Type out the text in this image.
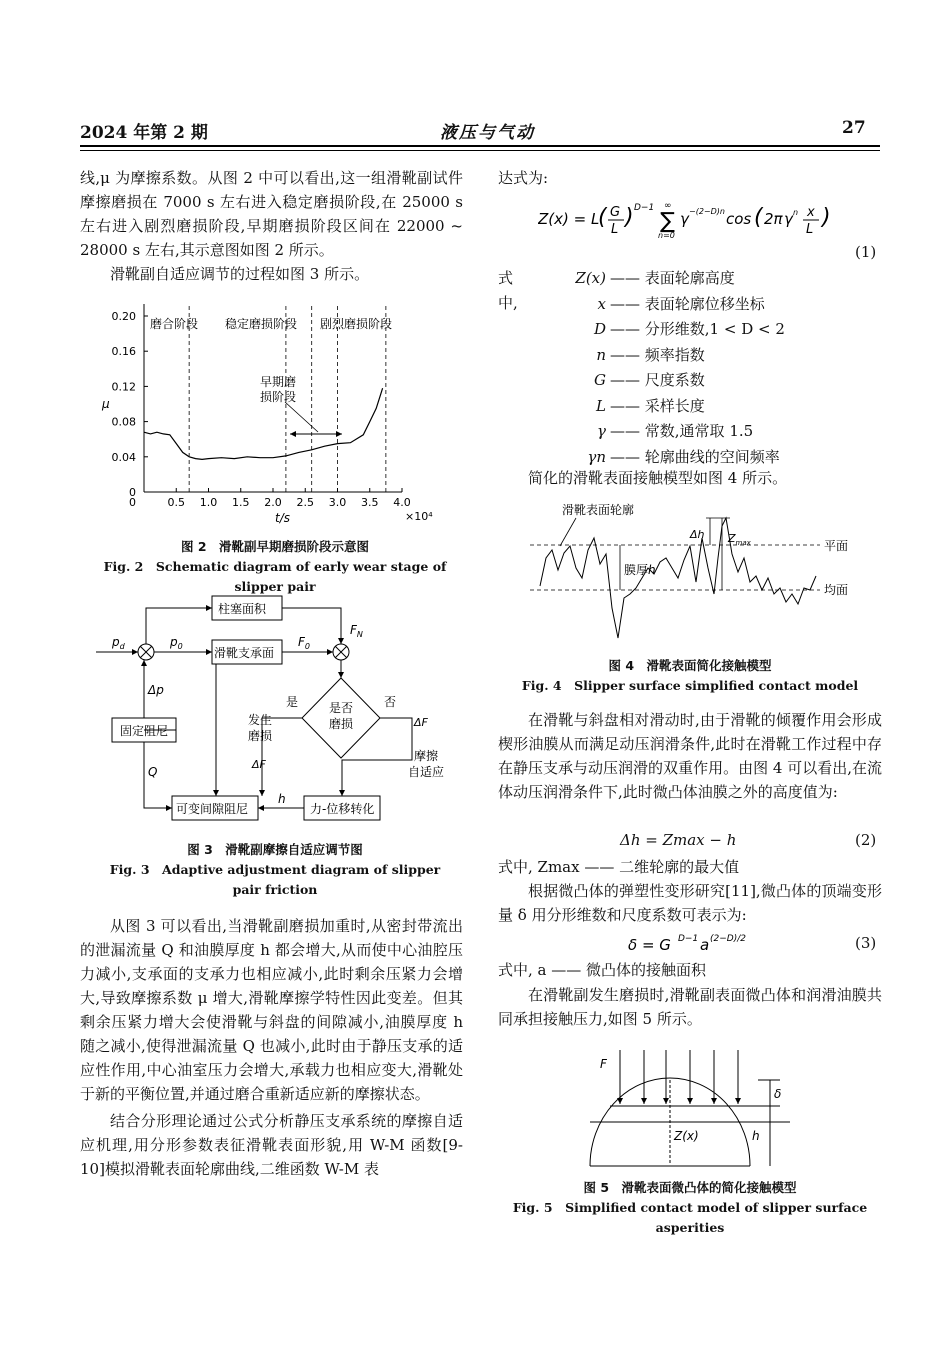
2024 年第 2 期	液压与气动	27

线,μ 为摩擦系数。从图 2 中可以看出,这一组滑靴副试件摩擦磨损在 7000 s 左右进入稳定磨损阶段,在 25000 s 左右进入剧烈磨损阶段,早期磨损阶段区间在 22000 ~ 28000 s 左右,其示意图如图 2 所示。

滑靴副自适应调节的过程如图 3 所示。

0.20
0.16
0.12
0.08
0.04
0
0.5 1.0 1.5 2.0 2.5 3.0 3.5 4.0
0
μ
t/s	×10⁴
磨合阶段 稳定磨损阶段 剧烈磨损阶段
早期磨
损阶段
图 2　滑靴副早期磨损阶段示意图
Fig. 2　Schematic diagram of early wear stage of slipper pair
柱塞面积
滑靴支承面
固定阻尼
可变间隙阻尼	力-位移转化
是否
磨损
是	否
发生
磨损
ΔF
ΔF
摩擦
自适应
$p_d$	$p_0$	$F_0$
$F_N$
Δp
Q
h
图 3　滑靴副摩擦自适应调节图
Fig. 3　Adaptive adjustment diagram of slipper
pair friction

从图 3 可以看出,当滑靴副磨损加重时,从密封带流出的泄漏流量 Q 和油膜厚度 h 都会增大,从而使中心油腔压力减小,支承面的支承力也相应减小,此时剩余压紧力会增大,导致摩擦系数 μ 增大,滑靴摩擦学特性因此变差。但其剩余压紧力增大会使滑靴与斜盘的间隙减小,油膜厚度 h 随之减小,使得泄漏流量 Q 也减小,此时由于静压支承的适应性作用,中心油室压力会增大,承载力也相应变大,滑靴处于新的平衡位置,并通过磨合重新适应新的摩擦状态。

结合分形理论通过公式分析静压支承系统的摩擦自适应机理,用分形参数表征滑靴表面形貌,用 W-M 函数[9-10]模拟滑靴表面轮廓曲线,二维函数 W-M 表

达式为:
Z(x) = L
( G
L ) D−1 ∞
∑
n=0
γ −(2−D)n cos ( 2π γ n x
L )
(1)
式中,
Z(x)	—— 表面轮廓高度
x	—— 表面轮廓位移坐标
D	—— 分形维数,1 < D < 2
n	—— 频率指数
G	—— 尺度系数
L	—— 采样长度
γ	—— 常数,通常取 1.5
γn	—— 轮廓曲线的空间频率

简化的滑靴表面接触模型如图 4 所示。

滑靴表面轮廓
平面
均面
膜厚h
Δh $Z_{max}$
图 4　滑靴表面简化接触模型
Fig. 4　Slipper surface simplified contact model

在滑靴与斜盘相对滑动时,由于滑靴的倾覆作用会形成楔形油膜从而满足动压润滑条件,此时在滑靴工作过程中存在静压支承与动压润滑的双重作用。由图 4 可以看出,在流体动压润滑条件下,此时微凸体油膜之外的高度值为:

Δh = Zmax − h	(2)
式中, Zmax —— 二维轮廓的最大值

根据微凸体的弹塑性变形研究[11],微凸体的顶端变形量 δ 用分形维数和尺度系数可表示为:

δ = G D−1 a (2−D)/2	(3)
式中, a —— 微凸体的接触面积

在滑靴副发生磨损时,滑靴副表面微凸体和润滑油膜共同承担接触压力,如图 5 所示。

F
δ
Z(x)	h
图 5　滑靴表面微凸体的简化接触模型
Fig. 5　Simplified contact model of slipper surface asperities
